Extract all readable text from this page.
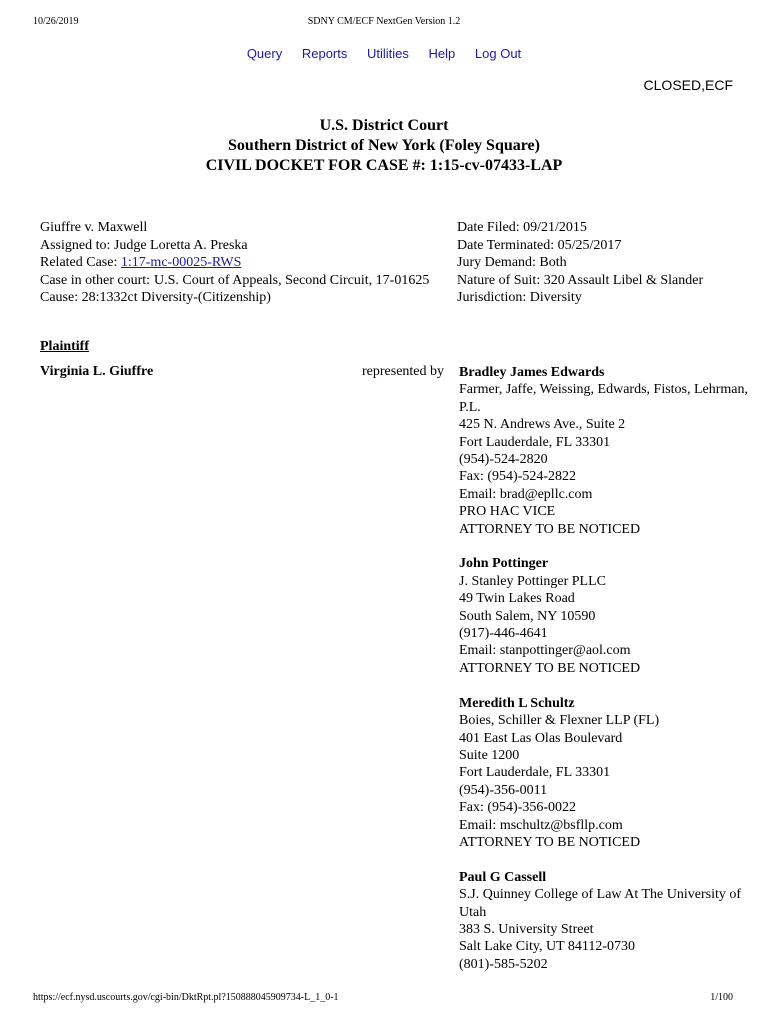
10/26/2019	SDNY CM/ECF NextGen Version 1.2
Query Reports Utilities Help Log Out
CLOSED,ECF
U.S. District Court
Southern District of New York (Foley Square)
CIVIL DOCKET FOR CASE #: 1:15-cv-07433-LAP
Giuffre v. Maxwell
Assigned to: Judge Loretta A. Preska
Related Case: 1:17-mc-00025-RWS
Case in other court: U.S. Court of Appeals, Second Circuit, 17-01625
Cause: 28:1332ct Diversity-(Citizenship)
Date Filed: 09/21/2015
Date Terminated: 05/25/2017
Jury Demand: Both
Nature of Suit: 320 Assault Libel & Slander
Jurisdiction: Diversity
Plaintiff
Virginia L. Giuffre	represented by Bradley James Edwards
Farmer, Jaffe, Weissing, Edwards, Fistos, Lehrman, P.L.
425 N. Andrews Ave., Suite 2
Fort Lauderdale, FL 33301
(954)-524-2820
Fax: (954)-524-2822
Email: brad@epllc.com
PRO HAC VICE
ATTORNEY TO BE NOTICED
John Pottinger
J. Stanley Pottinger PLLC
49 Twin Lakes Road
South Salem, NY 10590
(917)-446-4641
Email: stanpottinger@aol.com
ATTORNEY TO BE NOTICED
Meredith L Schultz
Boies, Schiller & Flexner LLP (FL)
401 East Las Olas Boulevard
Suite 1200
Fort Lauderdale, FL 33301
(954)-356-0011
Fax: (954)-356-0022
Email: mschultz@bsfllp.com
ATTORNEY TO BE NOTICED
Paul G Cassell
S.J. Quinney College of Law At The University of Utah
383 S. University Street
Salt Lake City, UT 84112-0730
(801)-585-5202
https://ecf.nysd.uscourts.gov/cgi-bin/DktRpt.pl?150888045909734-L_1_0-1	1/100
